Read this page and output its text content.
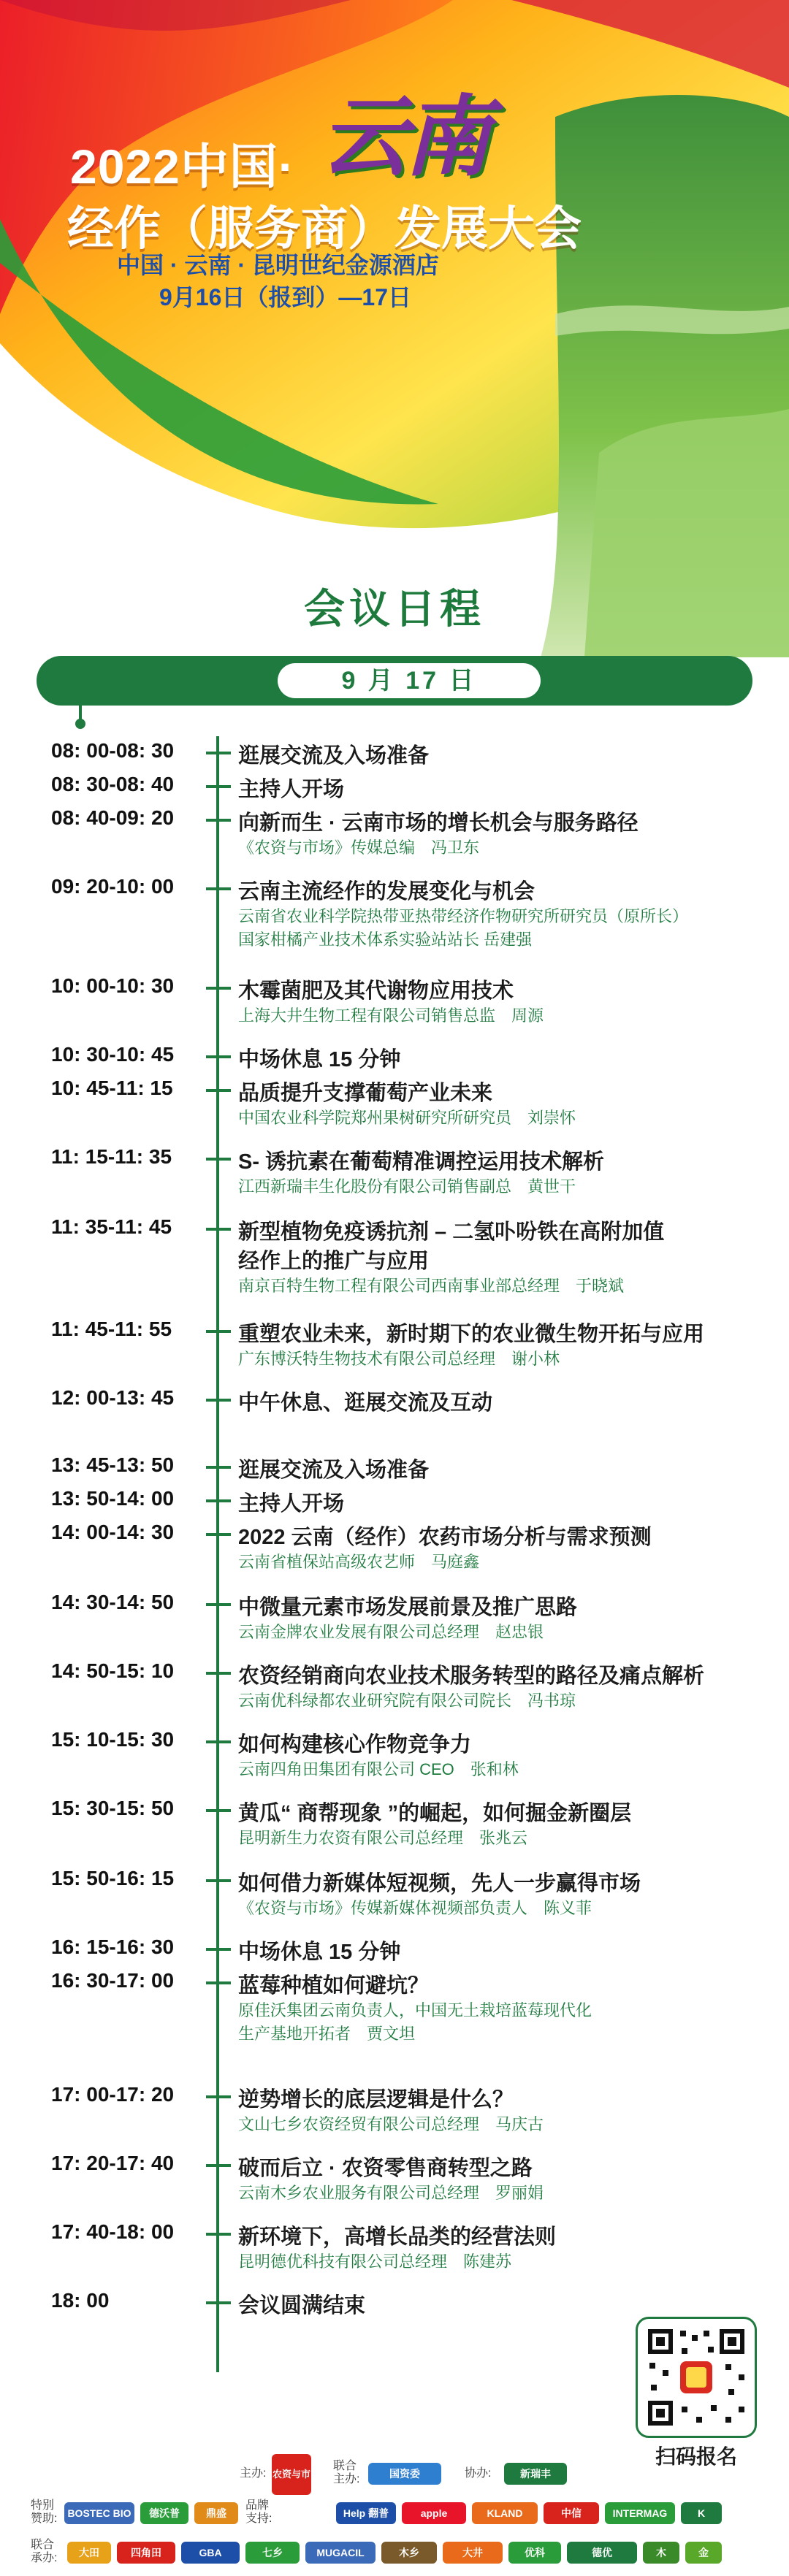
2022中国· 云南
经作（服务商）发展大会
中国 · 云南 · 昆明世纪金源酒店
9月16日（报到）—17日
会议日程
9 月 17 日
08: 00-08: 30	逛展交流及入场准备
08: 30-08: 40	主持人开场
08: 40-09: 20	向新而生 · 云南市场的增长机会与服务路径
《农资与市场》传媒总编　冯卫东
09: 20-10: 00	云南主流经作的发展变化与机会
云南省农业科学院热带亚热带经济作物研究所研究员（原所长）
国家柑橘产业技术体系实验站站长 岳建强
10: 00-10: 30	木霉菌肥及其代谢物应用技术
上海大井生物工程有限公司销售总监　周源
10: 30-10: 45	中场休息 15 分钟
10: 45-11: 15	品质提升支撑葡萄产业未来
中国农业科学院郑州果树研究所研究员　刘崇怀
11: 15-11: 35	S- 诱抗素在葡萄精准调控运用技术解析
江西新瑞丰生化股份有限公司销售副总　黄世干
11: 35-11: 45	新型植物免疫诱抗剂 – 二氢卟吩铁在高附加值
经作上的推广与应用
南京百特生物工程有限公司西南事业部总经理　于晓斌
11: 45-11: 55	重塑农业未来，新时期下的农业微生物开拓与应用
广东博沃特生物技术有限公司总经理　谢小林
12: 00-13: 45	中午休息、逛展交流及互动
13: 45-13: 50	逛展交流及入场准备
13: 50-14: 00	主持人开场
14: 00-14: 30	2022 云南（经作）农药市场分析与需求预测
云南省植保站高级农艺师　马庭鑫
14: 30-14: 50	中微量元素市场发展前景及推广思路
云南金牌农业发展有限公司总经理　赵忠银
14: 50-15: 10	农资经销商向农业技术服务转型的路径及痛点解析
云南优科绿都农业研究院有限公司院长　冯书琼
15: 10-15: 30	如何构建核心作物竞争力
云南四角田集团有限公司 CEO　张和林
15: 30-15: 50	黄瓜“ 商帮现象 ”的崛起，如何掘金新圈层
昆明新生力农资有限公司总经理　张兆云
15: 50-16: 15	如何借力新媒体短视频，先人一步赢得市场
《农资与市场》传媒新媒体视频部负责人　陈义菲
16: 15-16: 30	中场休息 15 分钟
16: 30-17: 00	蓝莓种植如何避坑？
原佳沃集团云南负责人，中国无土栽培蓝莓现代化
生产基地开拓者　贾文坦
17: 00-17: 20	逆势增长的底层逻辑是什么？
文山七乡农资经贸有限公司总经理　马庆古
17: 20-17: 40	破而后立 · 农资零售商转型之路
云南木乡农业服务有限公司总经理　罗丽娟
17: 40-18: 00	新环境下，高增长品类的经营法则
昆明德优科技有限公司总经理　陈建苏
18: 00	会议圆满结束
扫码报名
主办: 农资与市场
联合
主办:	国资委	协办:	新瑞丰
特别
赞助: BOSTEC BIO	德沃普	鼎盛
品牌
支持:	Help 翻普	apple	KLAND	中信	INTERMAG	K
联合
承办:	大田	四角田	GBA	七乡	MUGACIL	木乡	大井	优科	德优	木	金
